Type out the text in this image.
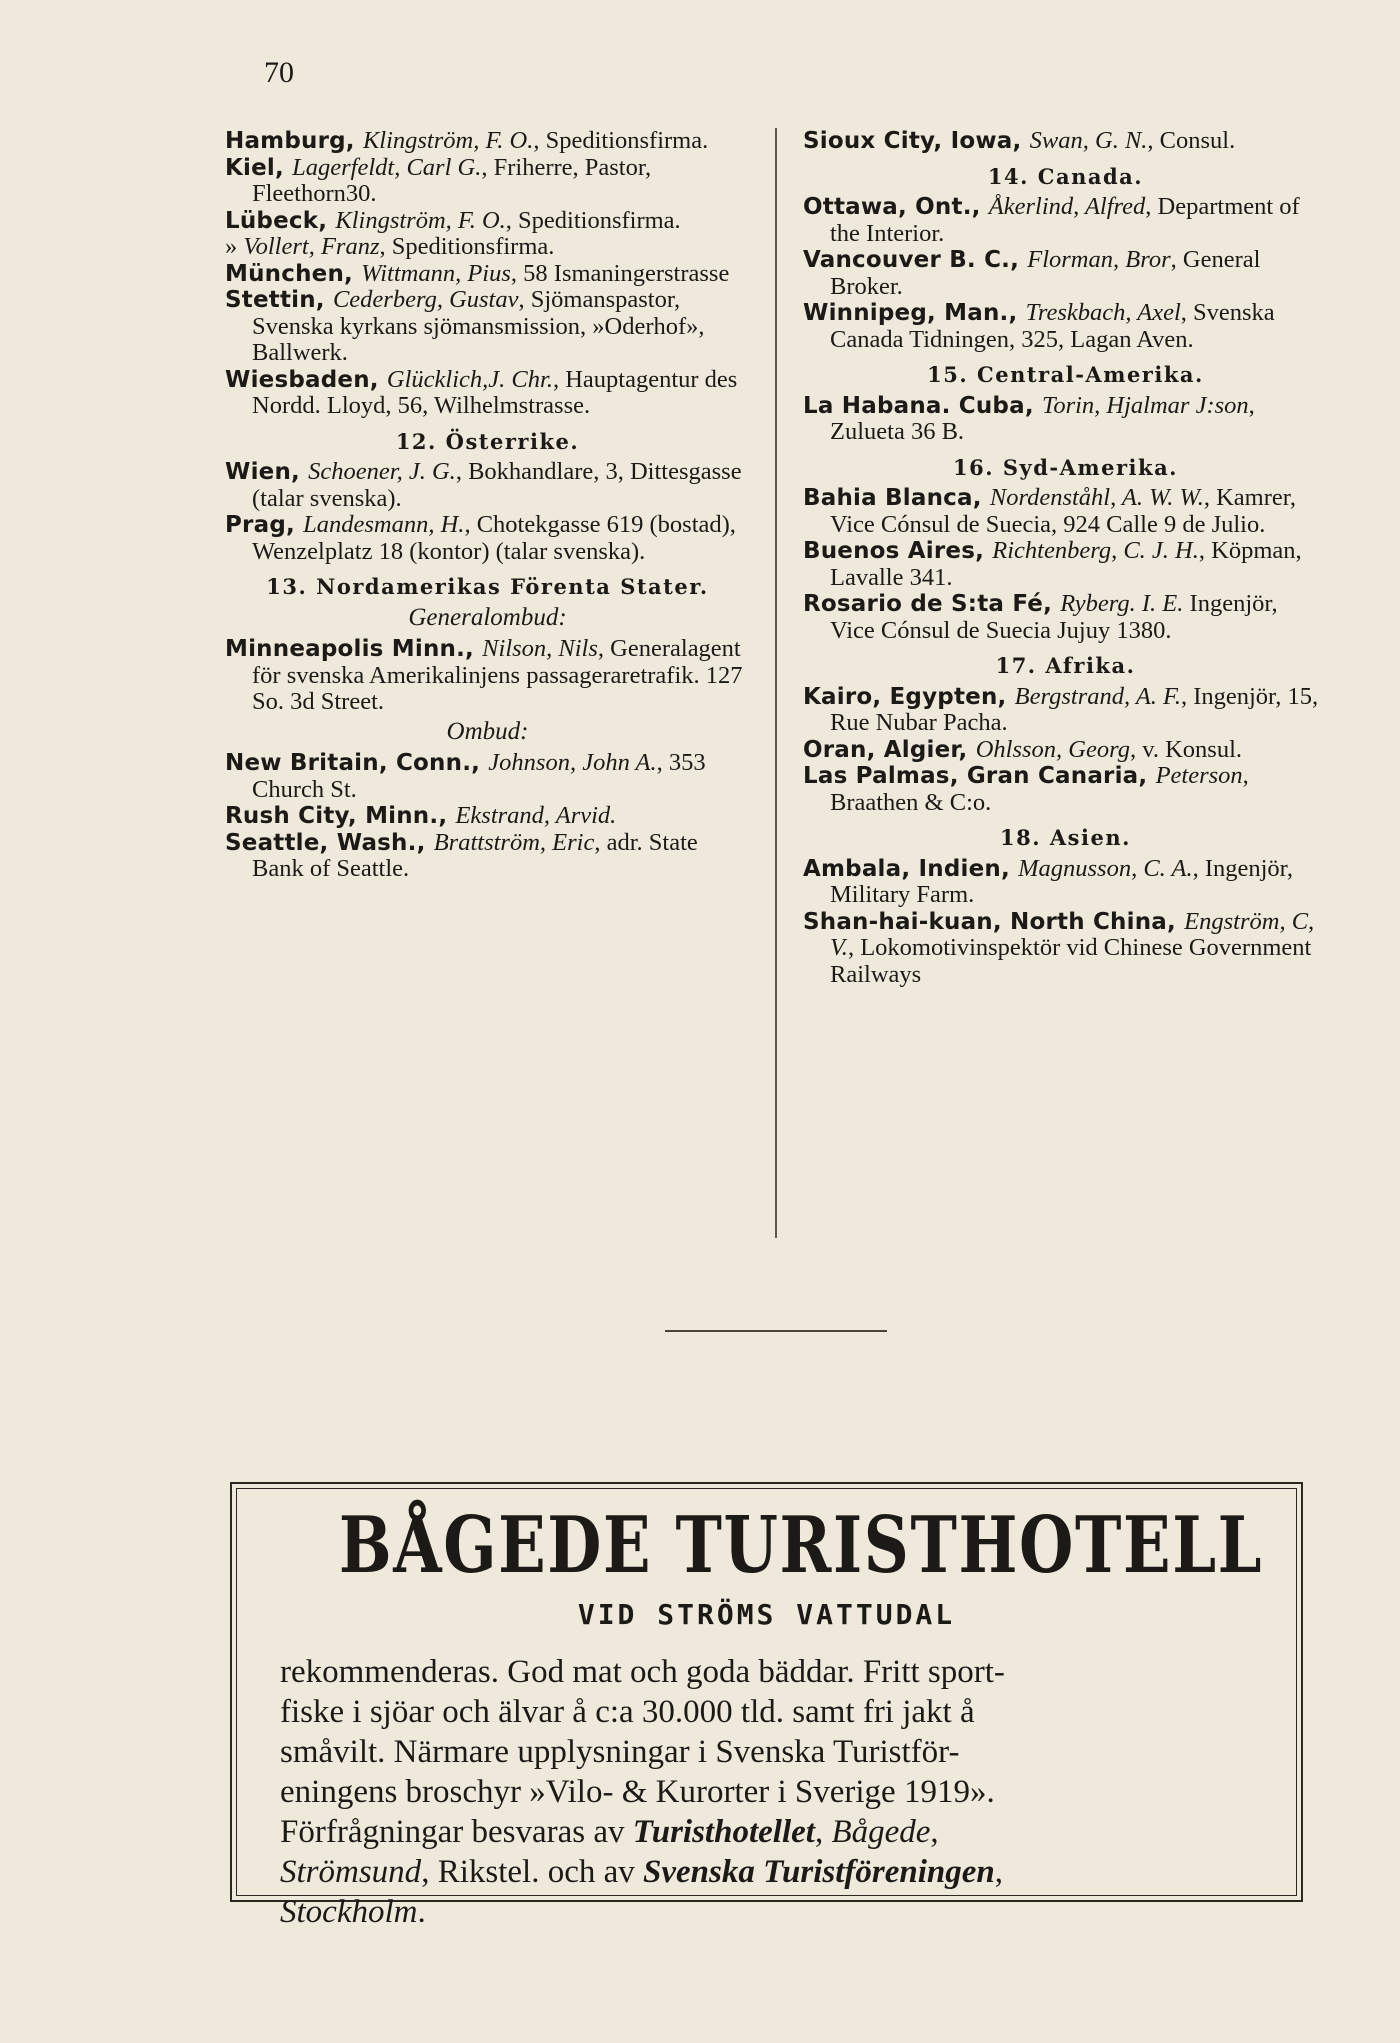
70
Hamburg, Klingström, F. O., Speditionsfirma.
Kiel, Lagerfeldt, Carl G., Friherre, Pastor, Fleethorn30.
Lübeck, Klingström, F. O., Speditionsfirma.
» Vollert, Franz, Speditionsfirma.
München, Wittmann, Pius, 58 Ismaningerstrasse
Stettin, Cederberg, Gustav, Sjömanspastor, Svenska kyrkans sjömansmission, »Oderhof», Ballwerk.
Wiesbaden, Glücklich,J. Chr., Hauptagentur des Nordd. Lloyd, 56, Wilhelmstrasse.
12. Österrike.
Wien, Schoener, J. G., Bokhandlare, 3, Dittesgasse (talar svenska).
Prag, Landesmann, H., Chotekgasse 619 (bostad), Wenzelplatz 18 (kontor) (talar svenska).
13. Nordamerikas Förenta Stater.
Generalombud:
Minneapolis Minn., Nilson, Nils, Generalagent för svenska Amerikalinjens passageraretrafik. 127 So. 3d Street.
Ombud:
New Britain, Conn., Johnson, John A., 353 Church St.
Rush City, Minn., Ekstrand, Arvid.
Seattle, Wash., Brattström, Eric, adr. State Bank of Seattle.
Sioux City, Iowa, Swan, G. N., Consul.
14. Canada.
Ottawa, Ont., Åkerlind, Alfred, Department of the Interior.
Vancouver B. C., Florman, Bror, General Broker.
Winnipeg, Man., Treskbach, Axel, Svenska Canada Tidningen, 325, Lagan Aven.
15. Central-Amerika.
La Habana. Cuba, Torin, Hjalmar J:son, Zulueta 36 B.
16. Syd-Amerika.
Bahia Blanca, Nordenståhl, A. W. W., Kamrer, Vice Cónsul de Suecia, 924 Calle 9 de Julio.
Buenos Aires, Richtenberg, C. J. H., Köpman, Lavalle 341.
Rosario de S:ta Fé, Ryberg. I. E. Ingenjör, Vice Cónsul de Suecia Jujuy 1380.
17. Afrika.
Kairo, Egypten, Bergstrand, A. F., Ingenjör, 15, Rue Nubar Pacha.
Oran, Algier, Ohlsson, Georg, v. Konsul.
Las Palmas, Gran Canaria, Peterson, Braathen & C:o.
18. Asien.
Ambala, Indien, Magnusson, C. A., Ingenjör, Military Farm.
Shan-hai-kuan, North China, Engström, C, V., Lokomotivinspektör vid Chinese Government Railways
BÅGEDE TURISTHOTELL
VID STRÖMS VATTUDAL
rekommenderas. God mat och goda bäddar. Fritt sport-
fiske i sjöar och älvar å c:a 30.000 tld. samt fri jakt å
småvilt. Närmare upplysningar i Svenska Turistför-
eningens broschyr »Vilo- & Kurorter i Sverige 1919».
Förfrågningar besvaras av Turisthotellet, Bågede,
Strömsund, Rikstel. och av Svenska Turistföreningen,
Stockholm.
